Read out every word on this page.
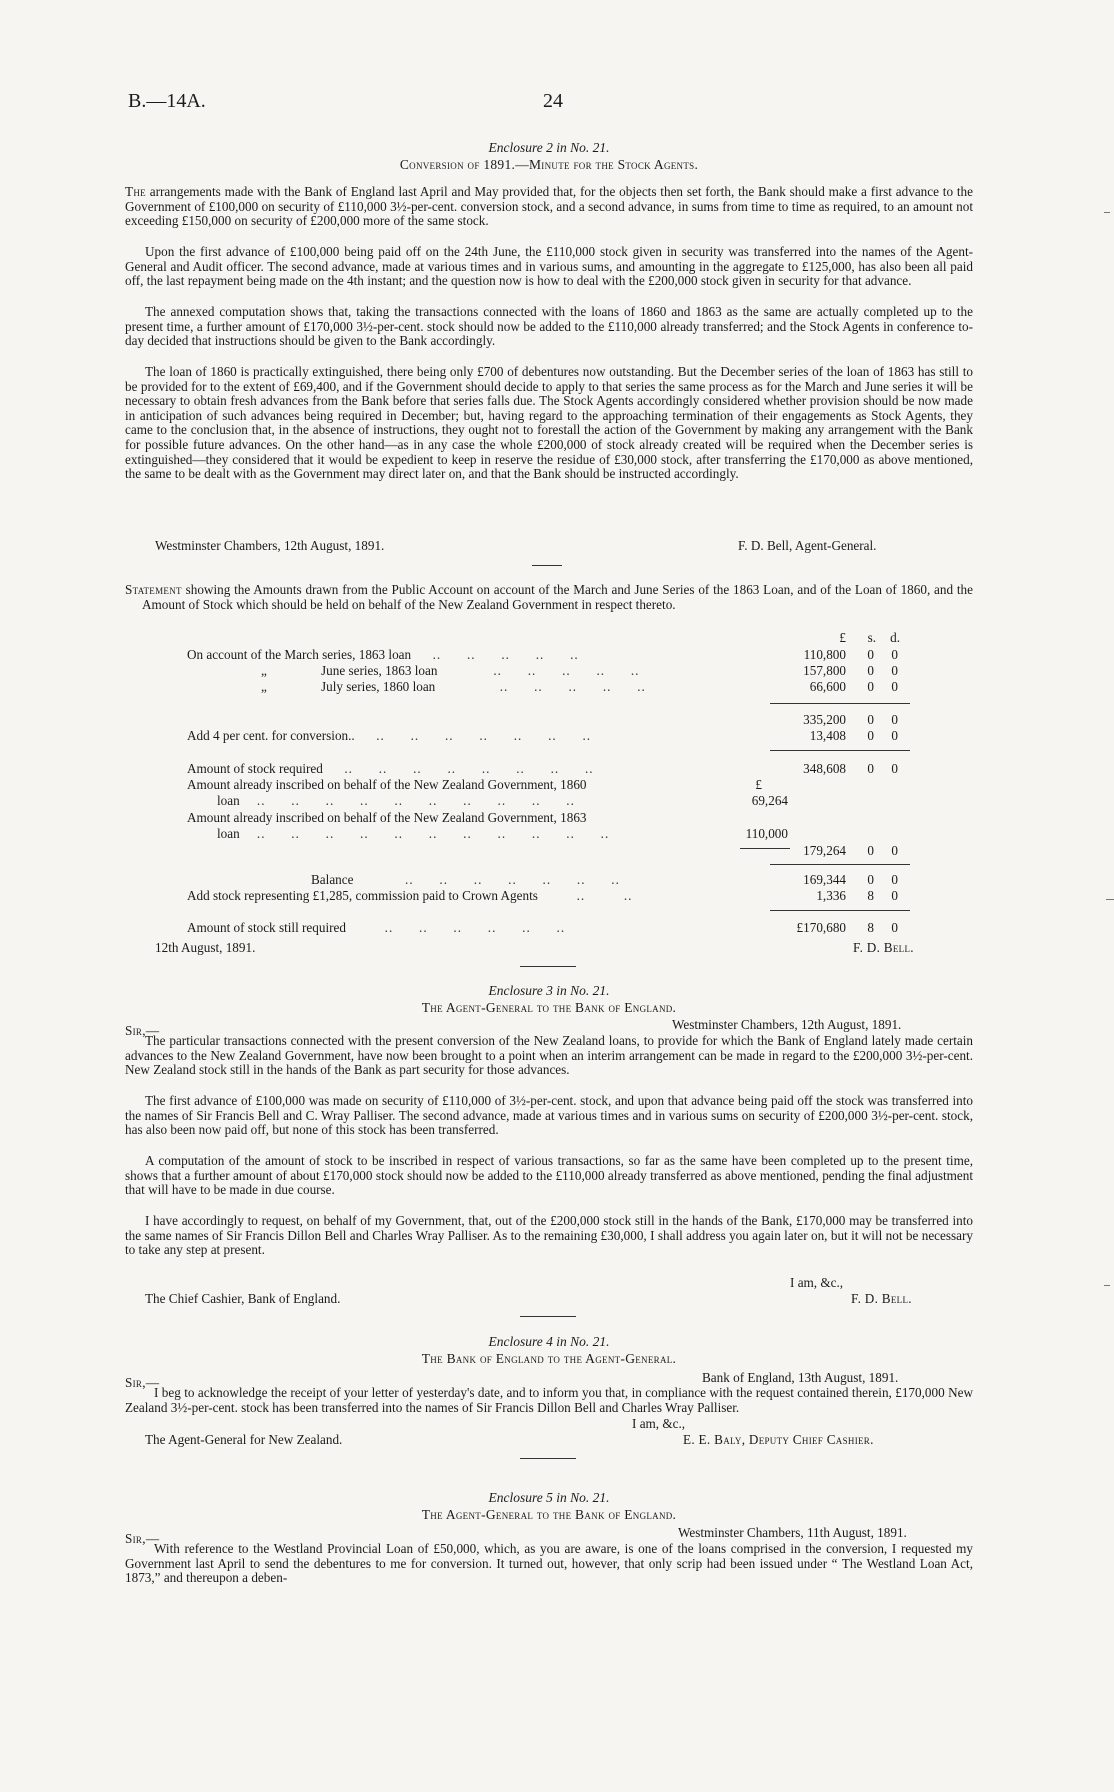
B.—14A.	24

Enclosure 2 in No. 21.

Conversion of 1891.—Minute for the Stock Agents.

The arrangements made with the Bank of England last April and May provided that, for the objects then set forth, the Bank should make a first advance to the Government of £100,000 on security of £110,000 3½-per-cent. conversion stock, and a second advance, in sums from time to time as required, to an amount not exceeding £150,000 on security of £200,000 more of the same stock.

Upon the first advance of £100,000 being paid off on the 24th June, the £110,000 stock given in security was transferred into the names of the Agent-General and Audit officer. The second advance, made at various times and in various sums, and amounting in the aggregate to £125,000, has also been all paid off, the last repayment being made on the 4th instant; and the question now is how to deal with the £200,000 stock given in security for that advance.

The annexed computation shows that, taking the transactions connected with the loans of 1860 and 1863 as the same are actually completed up to the present time, a further amount of £170,000 3½-per-cent. stock should now be added to the £110,000 already transferred; and the Stock Agents in conference to-day decided that instructions should be given to the Bank accordingly.

The loan of 1860 is practically extinguished, there being only £700 of debentures now outstanding. But the December series of the loan of 1863 has still to be provided for to the extent of £69,400, and if the Government should decide to apply to that series the same process as for the March and June series it will be necessary to obtain fresh advances from the Bank before that series falls due. The Stock Agents accordingly considered whether provision should be now made in anticipation of such advances being required in December; but, having regard to the approaching termination of their engagements as Stock Agents, they came to the conclusion that, in the absence of instructions, they ought not to forestall the action of the Government by making any arrangement with the Bank for possible future advances. On the other hand—as in any case the whole £200,000 of stock already created will be required when the December series is extinguished—they considered that it would be expedient to keep in reserve the residue of £30,000 stock, after transferring the £170,000 as above mentioned, the same to be dealt with as the Government may direct later on, and that the Bank should be instructed accordingly.

Westminster Chambers, 12th August, 1891.	F. D. Bell, Agent-General.

Statement showing the Amounts drawn from the Public Account on account of the March and June Series of the 1863 Loan, and of the Loan of 1860, and the Amount of Stock which should be held on behalf of the New Zealand Government in respect thereto.

£	s.	d.
On account of the March series, 1863 loan     ..      ..      ..      ..      ..	110,800	0	0
„	June series, 1863 loan             ..      ..      ..      ..      ..	157,800	0	0
„	July series, 1860 loan               ..      ..      ..      ..      ..	66,600	0	0
335,200	0	0
Add 4 per cent. for conversion..     ..      ..      ..      ..      ..      ..      ..	13,408	0	0
Amount of stock required     ..      ..      ..      ..      ..      ..      ..      ..	348,608	0	0
Amount already inscribed on behalf of the New Zealand Government, 1860	£
loan    ..      ..      ..      ..      ..      ..      ..      ..      ..      ..	69,264
Amount already inscribed on behalf of the New Zealand Government, 1863
loan    ..      ..      ..      ..      ..      ..      ..      ..      ..      ..      ..	110,000
179,264	0	0
Balance            ..      ..      ..      ..      ..      ..      ..	169,344	0	0
Add stock representing £1,285, commission paid to Crown Agents         ..         ..	1,336	8	0
Amount of stock still required         ..      ..      ..      ..      ..      ..	£170,680	8	0
12th August, 1891.	F. D. Bell.

Enclosure 3 in No. 21.

The Agent-General to the Bank of England.

Sir,—	Westminster Chambers, 12th August, 1891.

The particular transactions connected with the present conversion of the New Zealand loans, to provide for which the Bank of England lately made certain advances to the New Zealand Government, have now been brought to a point when an interim arrangement can be made in regard to the £200,000 3½-per-cent. New Zealand stock still in the hands of the Bank as part security for those advances.

The first advance of £100,000 was made on security of £110,000 of 3½-per-cent. stock, and upon that advance being paid off the stock was transferred into the names of Sir Francis Bell and C. Wray Palliser. The second advance, made at various times and in various sums on security of £200,000 3½-per-cent. stock, has also been now paid off, but none of this stock has been transferred.

A computation of the amount of stock to be inscribed in respect of various transactions, so far as the same have been completed up to the present time, shows that a further amount of about £170,000 stock should now be added to the £110,000 already transferred as above mentioned, pending the final adjustment that will have to be made in due course.

I have accordingly to request, on behalf of my Government, that, out of the £200,000 stock still in the hands of the Bank, £170,000 may be transferred into the same names of Sir Francis Dillon Bell and Charles Wray Palliser. As to the remaining £30,000, I shall address you again later on, but it will not be necessary to take any step at present.

I am, &c.,
The Chief Cashier, Bank of England.	F. D. Bell.

Enclosure 4 in No. 21.

The Bank of England to the Agent-General.

Sir,—	Bank of England, 13th August, 1891.

I beg to acknowledge the receipt of your letter of yesterday's date, and to inform you that, in compliance with the request contained therein, £170,000 New Zealand 3½-per-cent. stock has been transferred into the names of Sir Francis Dillon Bell and Charles Wray Palliser.

I am, &c.,
The Agent-General for New Zealand.	E. E. Baly, Deputy Chief Cashier.

Enclosure 5 in No. 21.

The Agent-General to the Bank of England.

Sir,—	Westminster Chambers, 11th August, 1891.

With reference to the Westland Provincial Loan of £50,000, which, as you are aware, is one of the loans comprised in the conversion, I requested my Government last April to send the debentures to me for conversion. It turned out, however, that only scrip had been issued under “ The Westland Loan Act, 1873,” and thereupon a deben-
